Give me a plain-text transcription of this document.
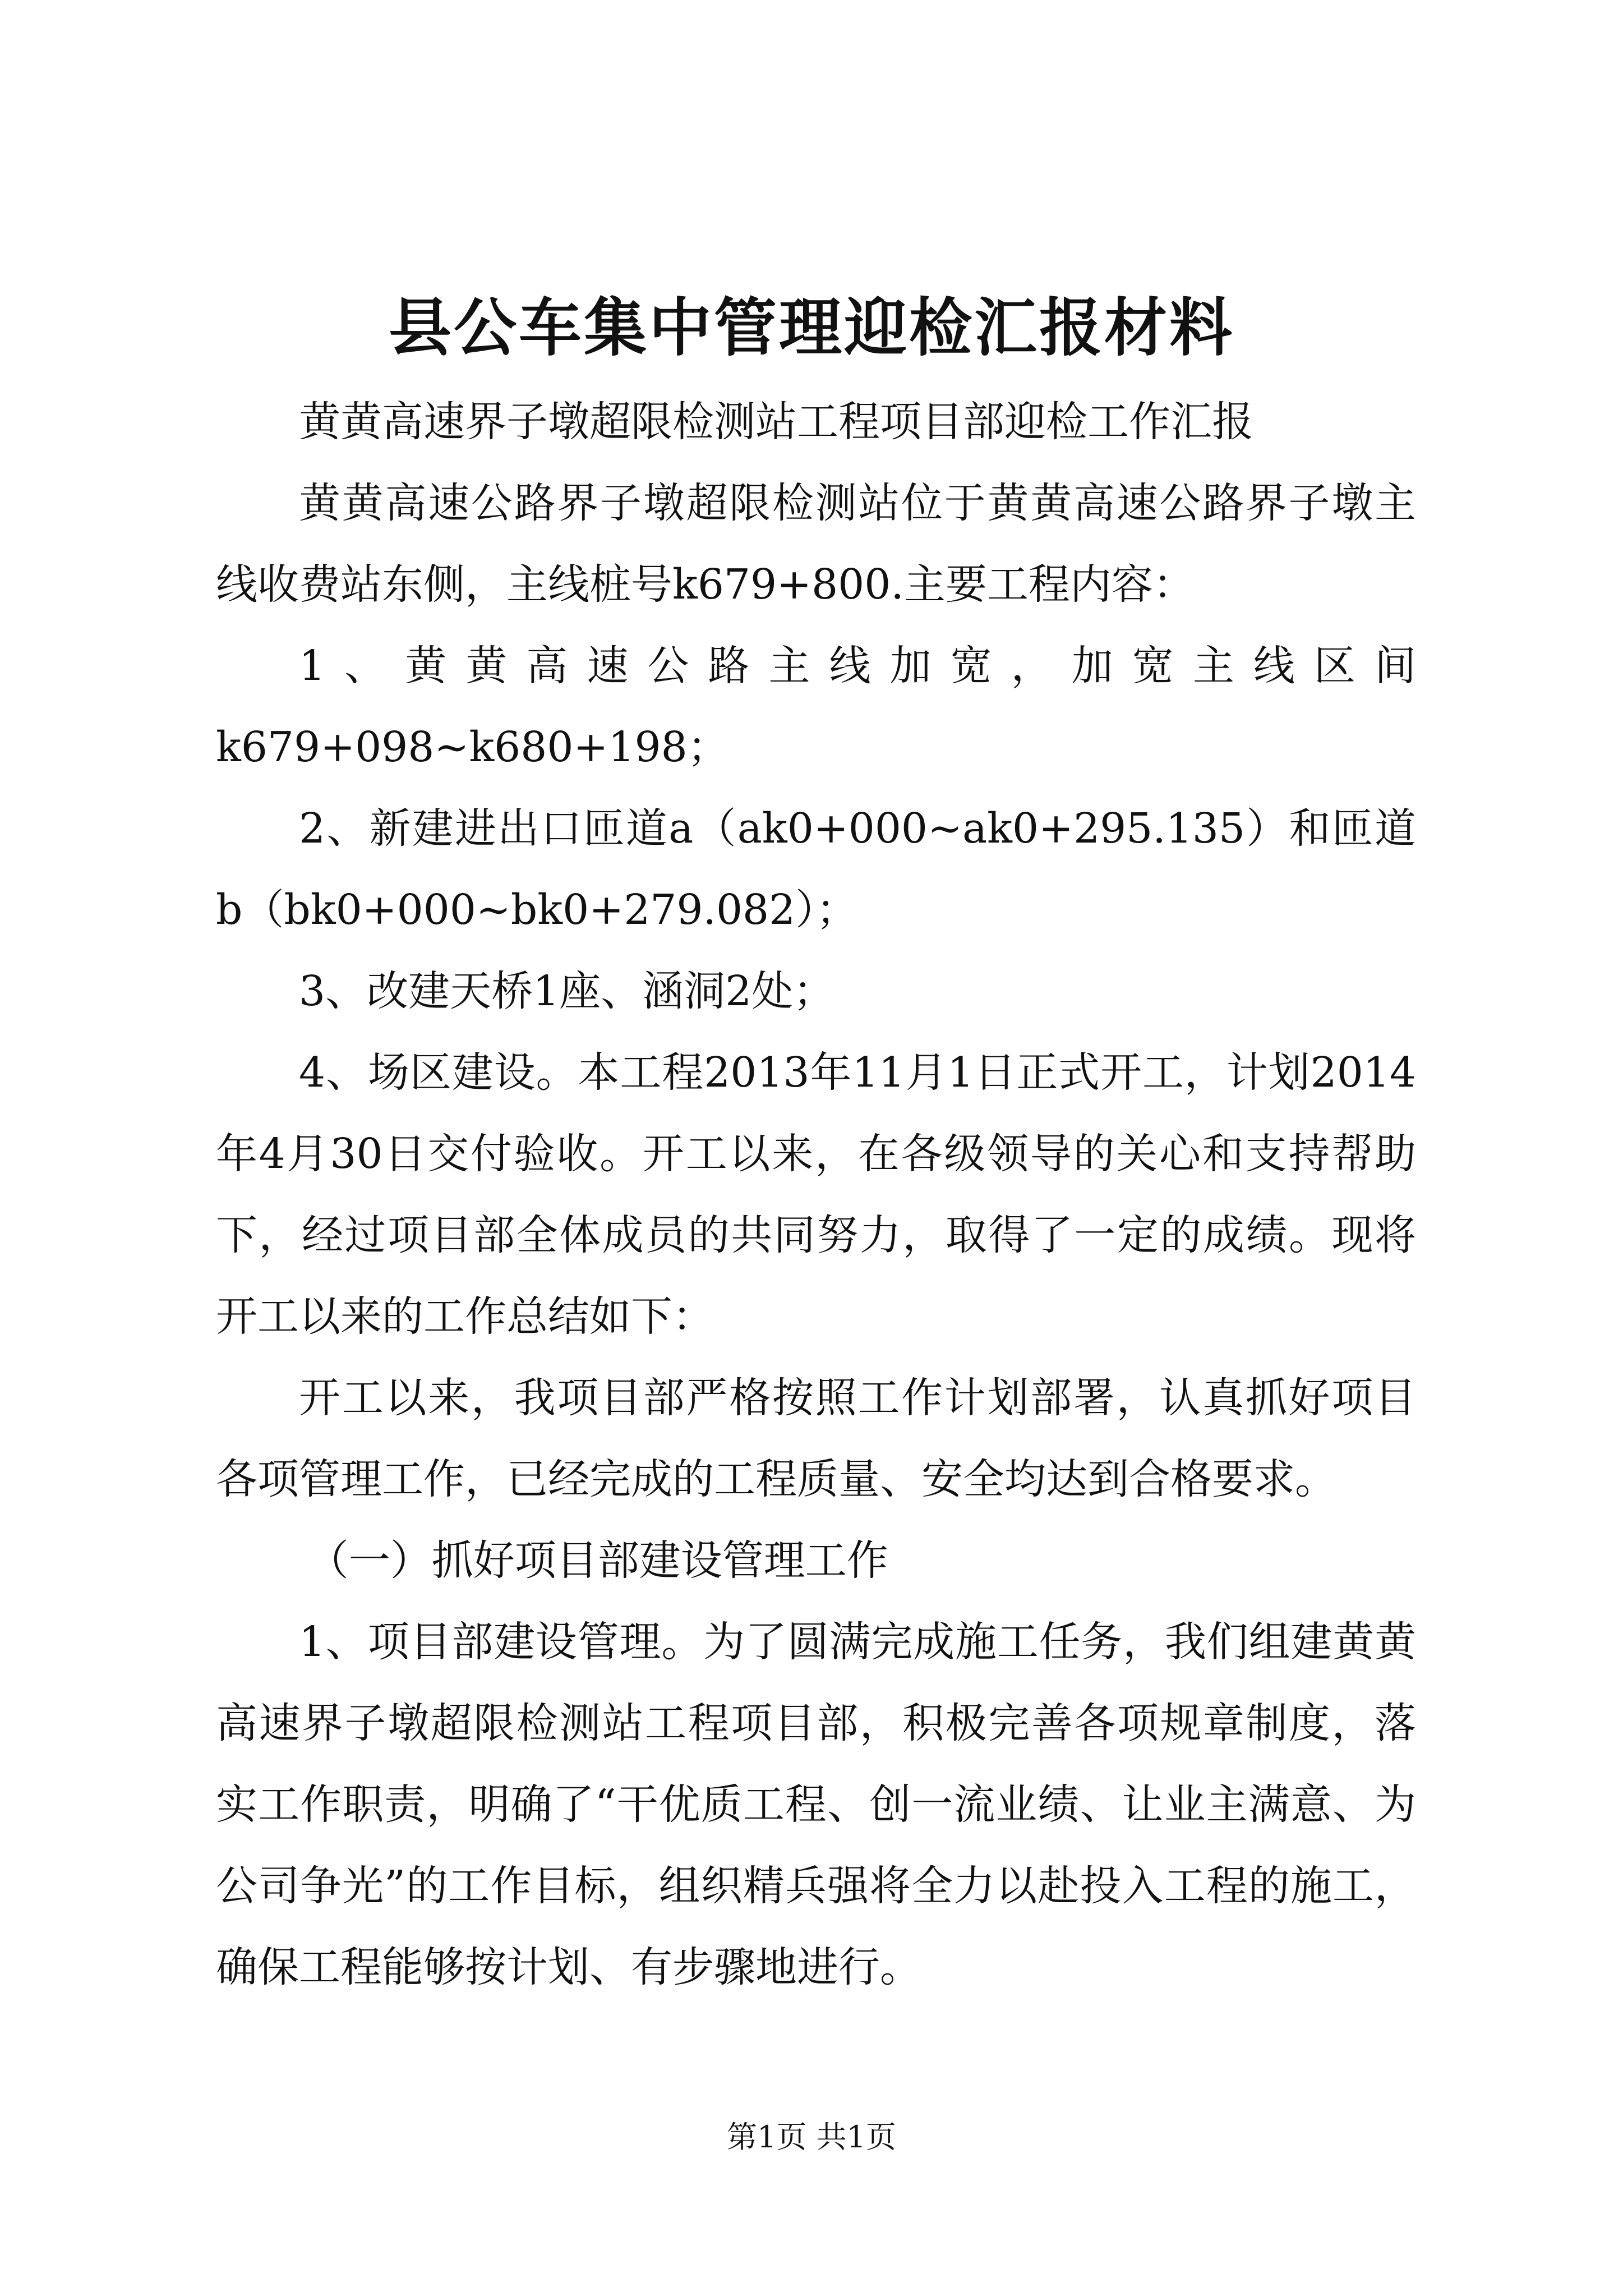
县公车集中管理迎检汇报材料

黄黄高速界子墩超限检测站工程项目部迎检工作汇报

黄黄高速公路界子墩超限检测站位于黄黄高速公路界子墩主线收费站东侧，主线桩号k679+800.主要工程内容：

1、黄黄高速公路主线加宽，加宽主线区间

k679+098~k680+198；

2、新建进出口匝道a（ak0+000~ak0+295.135）和匝道b（bk0+000~bk0+279.082）；

3、改建天桥1座、涵洞2处；

4、场区建设。本工程2013年11月1日正式开工，计划2014年4月30日交付验收。开工以来，在各级领导的关心和支持帮助下，经过项目部全体成员的共同努力，取得了一定的成绩。现将开工以来的工作总结如下：

开工以来，我项目部严格按照工作计划部署，认真抓好项目各项管理工作，已经完成的工程质量、安全均达到合格要求。

（一）抓好项目部建设管理工作

1、项目部建设管理。为了圆满完成施工任务，我们组建黄黄高速界子墩超限检测站工程项目部，积极完善各项规章制度，落实工作职责，明确了“干优质工程、创一流业绩、让业主满意、为公司争光”的工作目标，组织精兵强将全力以赴投入工程的施工，确保工程能够按计划、有步骤地进行。

第1页 共1页
